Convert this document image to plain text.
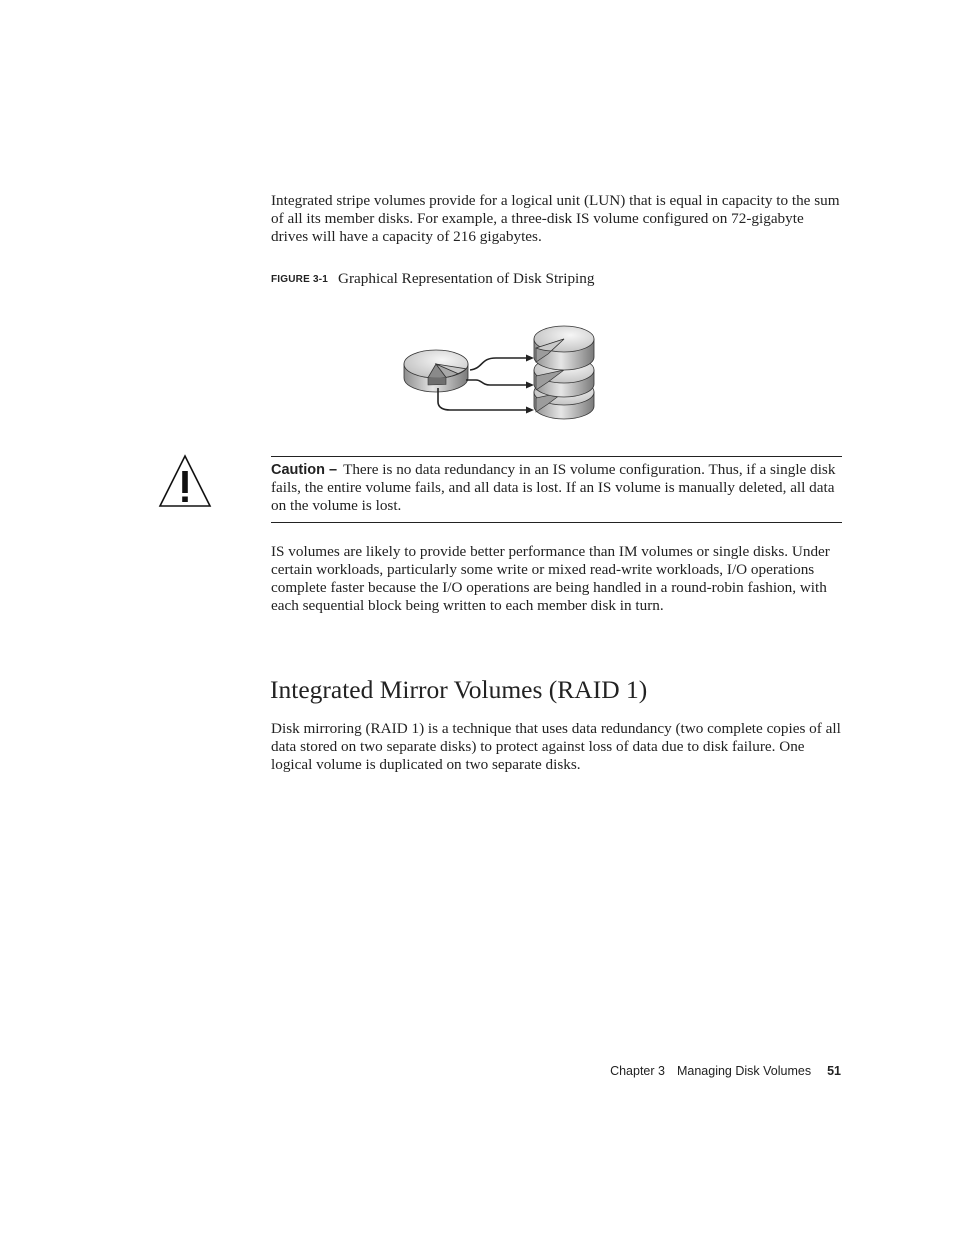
Integrated stripe volumes provide for a logical unit (LUN) that is equal in capacity to the sum of all its member disks. For example, a three-disk IS volume configured on 72-gigabyte drives will have a capacity of 216 gigabytes.

FIGURE 3-1 Graphical Representation of Disk Striping

Caution – There is no data redundancy in an IS volume configuration. Thus, if a single disk fails, the entire volume fails, and all data is lost. If an IS volume is manually deleted, all data on the volume is lost.

IS volumes are likely to provide better performance than IM volumes or single disks. Under certain workloads, particularly some write or mixed read-write workloads, I/O operations complete faster because the I/O operations are being handled in a round-robin fashion, with each sequential block being written to each member disk in turn.

Integrated Mirror Volumes (RAID 1)

Disk mirroring (RAID 1) is a technique that uses data redundancy (two complete copies of all data stored on two separate disks) to protect against loss of data due to disk failure. One logical volume is duplicated on two separate disks.

Chapter 3 Managing Disk Volumes 51
